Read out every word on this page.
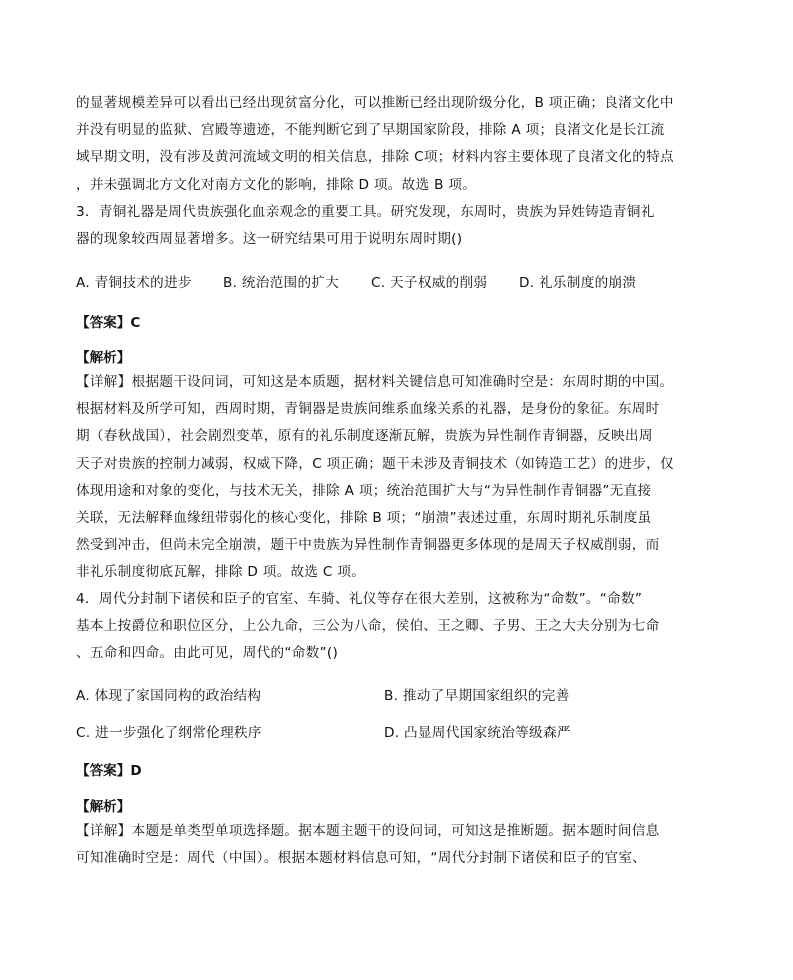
的显著规模差异可以看出已经出现贫富分化，可以推断已经出现阶级分化，B 项正确；良渚文化中
并没有明显的监狱、宫殿等遗迹，不能判断它到了早期国家阶段，排除 A 项；良渚文化是长江流
域早期文明，没有涉及黄河流域文明的相关信息，排除 C项；材料内容主要体现了良渚文化的特点
，并未强调北方文化对南方文化的影响，排除 D 项。故选 B 项。
3．青铜礼器是周代贵族强化血亲观念的重要工具。研究发现，东周时，贵族为异姓铸造青铜礼
器的现象较西周显著增多。这一研究结果可用于说明东周时期()
A. 青铜技术的进步 B. 统治范围的扩大 C. 天子权威的削弱 D. 礼乐制度的崩溃
【答案】C
【解析】
【详解】根据题干设问词，可知这是本质题，据材料关键信息可知准确时空是：东周时期的中国。
根据材料及所学可知，西周时期，青铜器是贵族间维系血缘关系的礼器，是身份的象征。东周时
期（春秋战国），社会剧烈变革，原有的礼乐制度逐渐瓦解，贵族为异性制作青铜器，反映出周
天子对贵族的控制力减弱，权威下降，C 项正确；题干未涉及青铜技术（如铸造工艺）的进步，仅
体现用途和对象的变化，与技术无关，排除 A 项；统治范围扩大与“为异性制作青铜器”无直接
关联，无法解释血缘纽带弱化的核心变化，排除 B 项；“崩溃”表述过重，东周时期礼乐制度虽
然受到冲击，但尚未完全崩溃，题干中贵族为异性制作青铜器更多体现的是周天子权威削弱，而
非礼乐制度彻底瓦解，排除 D 项。故选 C 项。
4．周代分封制下诸侯和臣子的官室、车骑、礼仪等存在很大差别，这被称为“命数”。“命数”
基本上按爵位和职位区分，上公九命，三公为八命，侯伯、王之卿、子男、王之大夫分别为七命
、五命和四命。由此可见，周代的“命数”()
A. 体现了家国同构的政治结构	B. 推动了早期国家组织的完善
C. 进一步强化了纲常伦理秩序	D. 凸显周代国家统治等级森严
【答案】D
【解析】
【详解】本题是单类型单项选择题。据本题主题干的设问词，可知这是推断题。据本题时间信息
可知准确时空是：周代（中国）。根据本题材料信息可知，“周代分封制下诸侯和臣子的官室、
